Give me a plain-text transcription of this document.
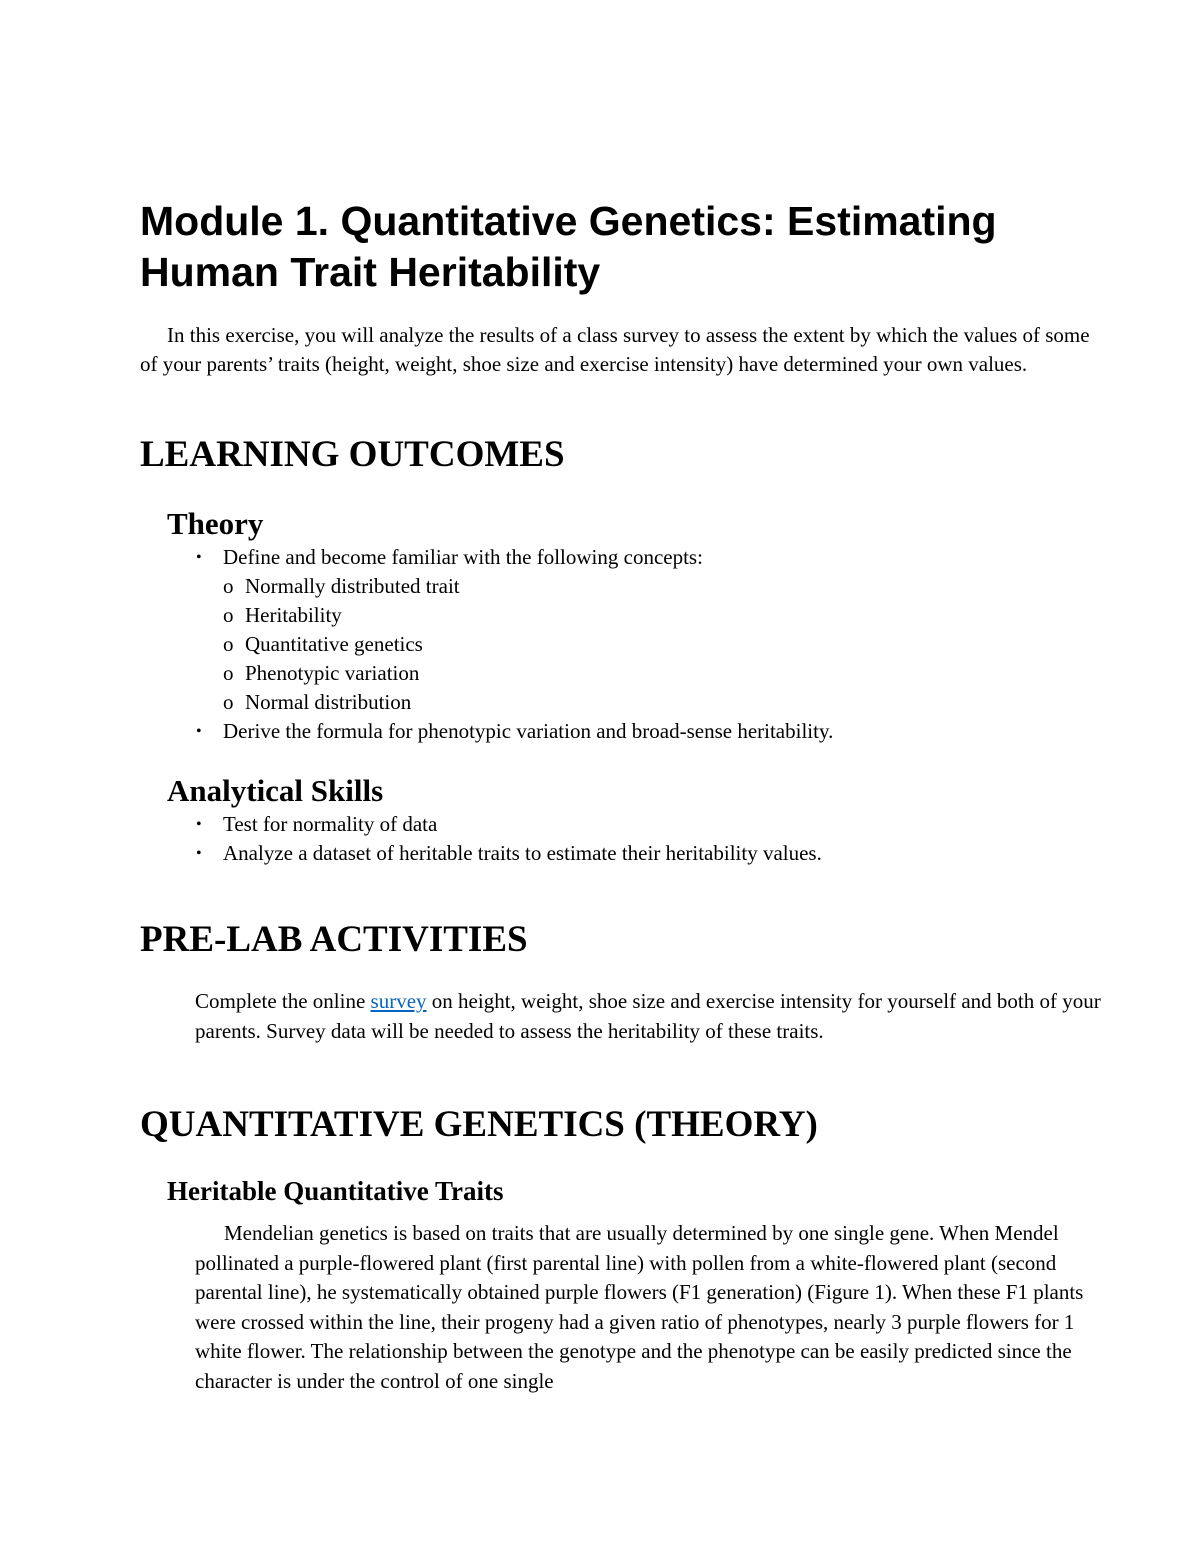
Module 1. Quantitative Genetics: Estimating Human Trait Heritability

In this exercise, you will analyze the results of a class survey to assess the extent by which the values of some of your parents’ traits (height, weight, shoe size and exercise intensity) have determined your own values.

LEARNING OUTCOMES
Theory
• Define and become familiar with the following concepts:
o Normally distributed trait
o Heritability
o Quantitative genetics
o Phenotypic variation
o Normal distribution
• Derive the formula for phenotypic variation and broad-sense heritability.
Analytical Skills
• Test for normality of data
• Analyze a dataset of heritable traits to estimate their heritability values.
PRE-LAB ACTIVITIES

Complete the online survey on height, weight, shoe size and exercise intensity for yourself and both of your parents. Survey data will be needed to assess the heritability of these traits.

QUANTITATIVE GENETICS (THEORY)
Heritable Quantitative Traits

Mendelian genetics is based on traits that are usually determined by one single gene. When Mendel pollinated a purple-flowered plant (first parental line) with pollen from a white-flowered plant (second parental line), he systematically obtained purple flowers (F1 generation) (Figure 1). When these F1 plants were crossed within the line, their progeny had a given ratio of phenotypes, nearly 3 purple flowers for 1 white flower. The relationship between the genotype and the phenotype can be easily predicted since the character is under the control of one single
